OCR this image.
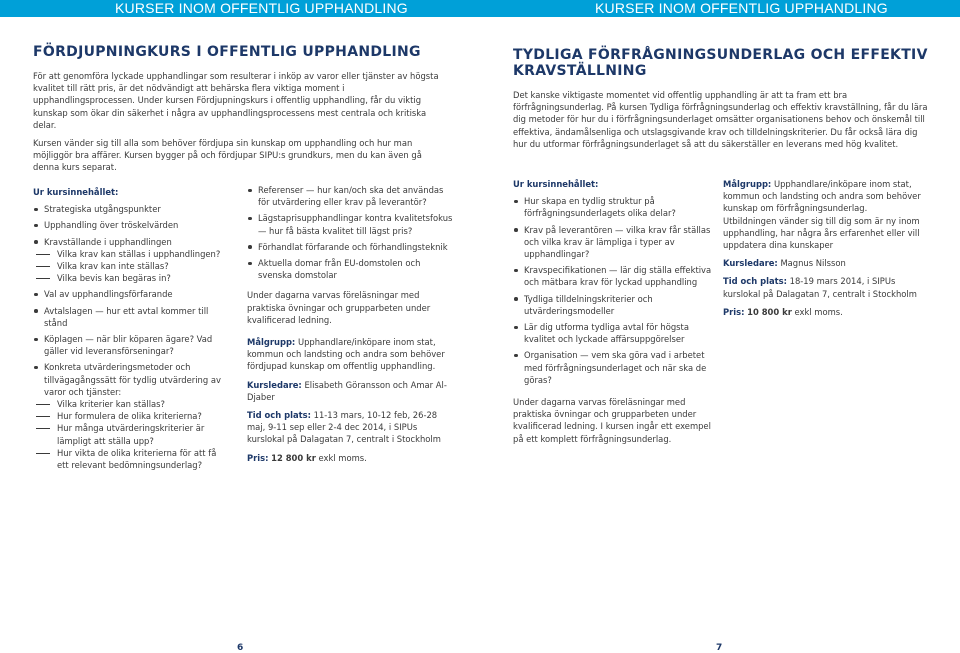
KURSER INOM OFFENTLIG UPPHANDLING
FÖRDJUPNINGKURS I OFFENTLIG UPPHANDLING

För att genomföra lyckade upphandlingar som resulterar i inköp av varor eller tjänster av högsta kvalitet till rätt pris, är det nödvändigt att behärska flera viktiga moment i upphandlingsprocessen. Under kursen Fördjupningskurs i offentlig upphandling, får du viktig kunskap som ökar din säkerhet i några av upphandlingsprocessens mest centrala och kritiska delar.

Kursen vänder sig till alla som behöver fördjupa sin kunskap om upphandling och hur man möjliggör bra affärer. Kursen bygger på och fördjupar SIPU:s grundkurs, men du kan även gå denna kurs separat.

Ur kursinnehållet:
Strategiska utgångspunkter
Upphandling över tröskelvärden
Kravställande i upphandlingen
Vilka krav kan ställas i upphandlingen?
Vilka krav kan inte ställas?
Vilka bevis kan begäras in?
Val av upphandlingsförfarande
Avtalslagen — hur ett avtal kommer till stånd
Köplagen — när blir köparen ägare? Vad gäller vid leveransförseningar?
Konkreta utvärderingsmetoder och tillvägagångssätt för tydlig utvärdering av varor och tjänster:
Vilka kriterier kan ställas?
Hur formulera de olika kriterierna?
Hur många utvärderingskriterier är lämpligt att ställa upp?
Hur vikta de olika kriterierna för att få ett relevant bedömningsunderlag?
Referenser — hur kan/och ska det användas för utvärdering eller krav på leverantör?
Lägstaprisupphandlingar kontra kvalitetsfokus — hur få bästa kvalitet till lägst pris?
Förhandlat förfarande och förhandlingsteknik
Aktuella domar från EU-domstolen och svenska domstolar

Under dagarna varvas föreläsningar med praktiska övningar och grupparbeten under kvalificerad ledning.

Målgrupp: Upphandlare/inköpare inom stat, kommun och landsting och andra som behöver fördjupad kunskap om offentlig upphandling.

Kursledare: Elisabeth Göransson och Amar Al-Djaber

Tid och plats: 11-13 mars, 10-12 feb, 26-28 maj, 9-11 sep eller 2-4 dec 2014, i SIPUs kurslokal på Dalagatan 7, centralt i Stockholm

Pris: 12 800 kr exkl moms.

6
KURSER INOM OFFENTLIG UPPHANDLING
TYDLIGA FÖRFRÅGNINGSUNDERLAG OCH EFFEKTIV
KRAVSTÄLLNING

Det kanske viktigaste momentet vid offentlig upphandling är att ta fram ett bra förfrågningsunderlag. På kursen Tydliga förfrågningsunderlag och effektiv kravställning, får du lära dig metoder för hur du i förfrågningsunderlaget omsätter organisationens behov och önskemål till effektiva, ändamålsenliga och utslagsgivande krav och tilldelningskriterier. Du får också lära dig hur du utformar förfrågningsunderlaget så att du säkerställer en leverans med hög kvalitet.

Ur kursinnehållet:
Hur skapa en tydlig struktur på förfrågningsunderlagets olika delar?
Krav på leverantören — vilka krav får ställas och vilka krav är lämpliga i typer av upphandlingar?
Kravspecifikationen — lär dig ställa effektiva och mätbara krav för lyckad upphandling
Tydliga tilldelningskriterier och utvärderingsmodeller
Lär dig utforma tydliga avtal för högsta kvalitet och lyckade affärsuppgörelser
Organisation — vem ska göra vad i arbetet med förfrågningsunderlaget och när ska de göras?

Under dagarna varvas föreläsningar med praktiska övningar och grupparbeten under kvalificerad ledning. I kursen ingår ett exempel på ett komplett förfrågningsunderlag.

Målgrupp: Upphandlare/inköpare inom stat, kommun och landsting och andra som behöver kunskap om förfrågningsunderlag. Utbildningen vänder sig till dig som är ny inom upphandling, har några års erfarenhet eller vill uppdatera dina kunskaper

Kursledare: Magnus Nilsson

Tid och plats: 18-19 mars 2014, i SIPUs kurslokal på Dalagatan 7, centralt i Stockholm

Pris: 10 800 kr exkl moms.

7
